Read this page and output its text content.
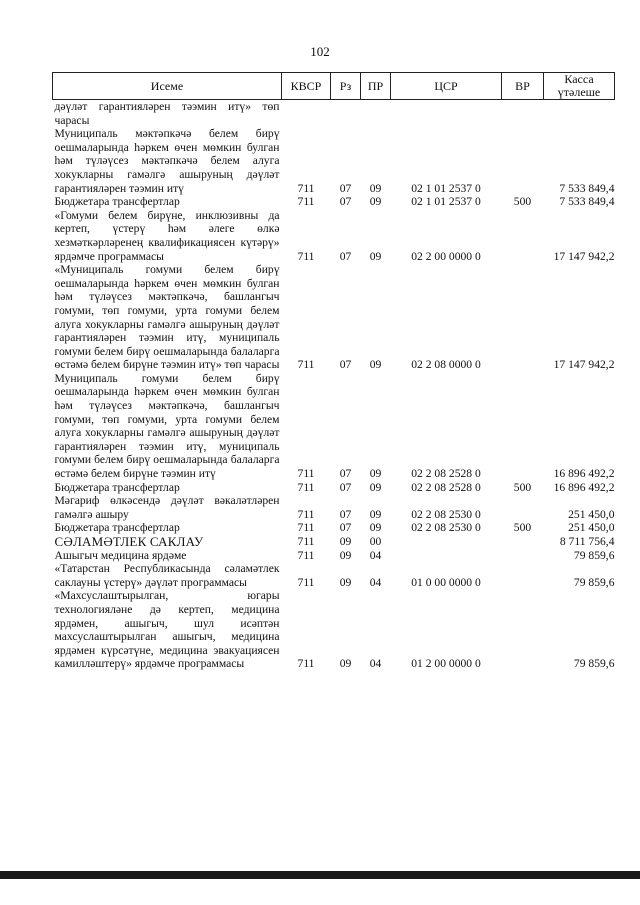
102
Исеме	КВСР	Рз	ПР	ЦСР	ВР	Касса үтәлеше
дәүләт гарантияләрен тәэмин итү» төп чарасы						
Муниципаль мәктәпкәчә белем бирү оешмаларында һәркем өчен мөмкин булган һәм түләүсез мәктәпкәчә белем алуга хокукларны гамәлгә ашыруның дәүләт гарантияләрен тәэмин итү	711	07	09	02 1 01 2537 0		7 533 849,4
Бюджетара трансфертлар	711	07	09	02 1 01 2537 0	500	7 533 849,4
«Гомуми белем бирүне, инклюзивны да кертеп, үстерү һәм әлеге өлкә хезмәткәрләренең квалификациясен күтәрү» ярдәмче программасы	711	07	09	02 2 00 0000 0		17 147 942,2
«Муниципаль гомуми белем бирү оешмаларында һәркем өчен мөмкин булган һәм түләүсез мәктәпкәчә, башлангыч гомуми, төп гомуми, урта гомуми белем алуга хокукларны гамәлгә ашыруның дәүләт гарантияләрен тәэмин итү, муниципаль гомуми белем бирү оешмаларында балаларга өстәмә белем бирүне тәэмин итү» төп чарасы	711	07	09	02 2 08 0000 0		17 147 942,2
Муниципаль гомуми белем бирү оешмаларында һәркем өчен мөмкин булган һәм түләүсез мәктәпкәчә, башлангыч гомуми, төп гомуми, урта гомуми белем алуга хокукларны гамәлгә ашыруның дәүләт гарантияләрен тәэмин итү, муниципаль гомуми белем бирү оешмаларында балаларга өстәмә белем бирүне тәэмин итү	711	07	09	02 2 08 2528 0		16 896 492,2
Бюджетара трансфертлар	711	07	09	02 2 08 2528 0	500	16 896 492,2
Мәгариф өлкәсендә дәүләт вәкаләтләрен гамәлгә ашыру	711	07	09	02 2 08 2530 0		251 450,0
Бюджетара трансфертлар	711	07	09	02 2 08 2530 0	500	251 450,0
СӘЛАМӘТЛЕК САКЛАУ	711	09	00			8 711 756,4
Ашыгыч медицина ярдәме	711	09	04			79 859,6
«Татарстан Республикасында сәламәтлек саклауны үстерү» дәүләт программасы	711	09	04	01 0 00 0000 0		79 859,6
«Махсуслаштырылган, югары технологияләне дә кертеп, медицина ярдәмен, ашыгыч, шул исәптән махсуслаштырылган ашыгыч, медицина ярдәмен күрсәтүне, медицина эвакуациясен камилләштерү» ярдәмче программасы	711	09	04	01 2 00 0000 0		79 859,6
